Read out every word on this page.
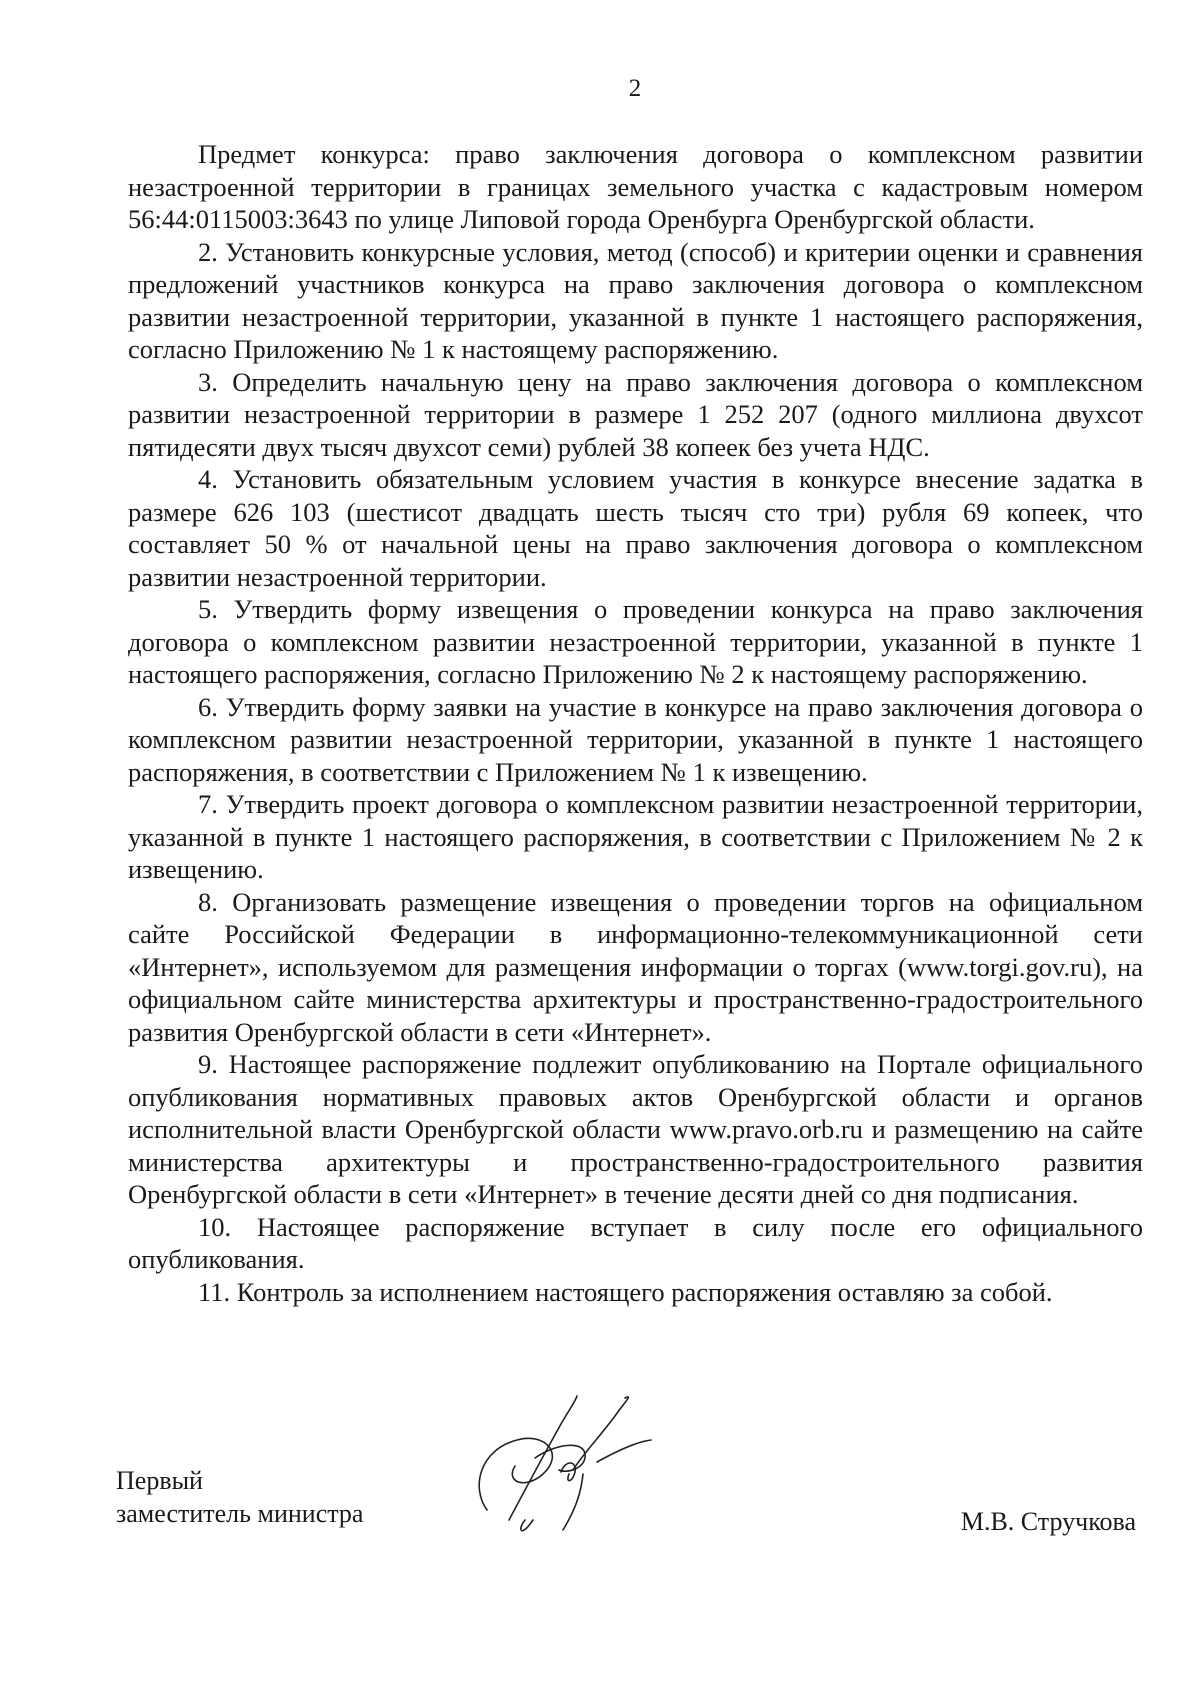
2

Предмет конкурса: право заключения договора о комплексном развитии незастроенной территории в границах земельного участка с кадастровым номером 56:44:0115003:3643 по улице Липовой города Оренбурга Оренбургской области.

2. Установить конкурсные условия, метод (способ) и критерии оценки и сравнения предложений участников конкурса на право заключения договора о комплексном развитии незастроенной территории, указанной в пункте 1 настоящего распоряжения, согласно Приложению № 1 к настоящему распоряжению.

3. Определить начальную цену на право заключения договора о комплексном развитии незастроенной территории в размере 1 252 207 (одного миллиона двухсот пятидесяти двух тысяч двухсот семи) рублей 38 копеек без учета НДС.

4. Установить обязательным условием участия в конкурсе внесение задатка в размере 626 103 (шестисот двадцать шесть тысяч сто три) рубля 69 копеек, что составляет 50 % от начальной цены на право заключения договора о комплексном развитии незастроенной территории.

5. Утвердить форму извещения о проведении конкурса на право заключения договора о комплексном развитии незастроенной территории, указанной в пункте 1 настоящего распоряжения, согласно Приложению № 2 к настоящему распоряжению.

6. Утвердить форму заявки на участие в конкурсе на право заключения договора о комплексном развитии незастроенной территории, указанной в пункте 1 настоящего распоряжения, в соответствии с Приложением № 1 к извещению.

7. Утвердить проект договора о комплексном развитии незастроенной территории, указанной в пункте 1 настоящего распоряжения, в соответствии с Приложением № 2 к извещению.

8. Организовать размещение извещения о проведении торгов на официальном сайте Российской Федерации в информационно-телекоммуникационной сети «Интернет», используемом для размещения информации о торгах (www.torgi.gov.ru), на официальном сайте министерства архитектуры и пространственно-градостроительного развития Оренбургской области в сети «Интернет».

9. Настоящее распоряжение подлежит опубликованию на Портале официального опубликования нормативных правовых актов Оренбургской области и органов исполнительной власти Оренбургской области www.pravo.orb.ru и размещению на сайте министерства архитектуры и пространственно-градостроительного развития Оренбургской области в сети «Интернет» в течение десяти дней со дня подписания.

10. Настоящее распоряжение вступает в силу после его официального опубликования.

11. Контроль за исполнением настоящего распоряжения оставляю за собой.

Первый
заместитель министра	М.В. Стручкова
